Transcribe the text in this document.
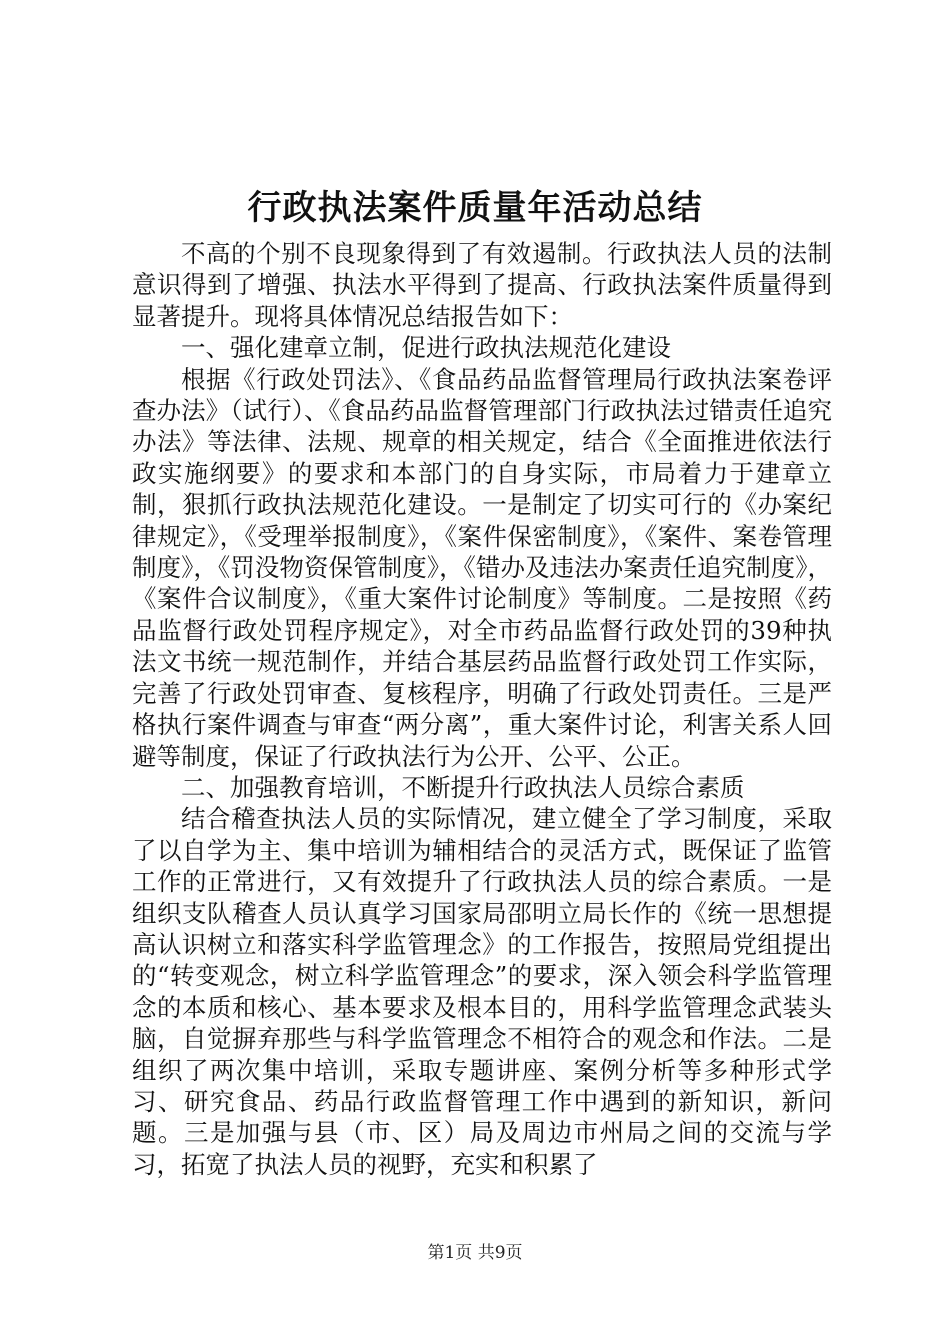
行政执法案件质量年活动总结

不高的个别不良现象得到了有效遏制。行政执法人员的法制意识得到了增强、执法水平得到了提高、行政执法案件质量得到显著提升。现将具体情况总结报告如下：

一、强化建章立制，促进行政执法规范化建设

根据《行政处罚法》、《食品药品监督管理局行政执法案卷评查办法》（试行）、《食品药品监督管理部门行政执法过错责任追究办法》等法律、法规、规章的相关规定，结合《全面推进依法行政实施纲要》的要求和本部门的自身实际，市局着力于建章立制，狠抓行政执法规范化建设。一是制定了切实可行的《办案纪律规定》，《受理举报制度》，《案件保密制度》，《案件、案卷管理制度》，《罚没物资保管制度》，《错办及违法办案责任追究制度》，《案件合议制度》，《重大案件讨论制度》等制度。二是按照《药品监督行政处罚程序规定》，对全市药品监督行政处罚的39种执法文书统一规范制作，并结合基层药品监督行政处罚工作实际，完善了行政处罚审查、复核程序，明确了行政处罚责任。三是严格执行案件调查与审查“两分离”，重大案件讨论，利害关系人回避等制度，保证了行政执法行为公开、公平、公正。

二、加强教育培训，不断提升行政执法人员综合素质

结合稽查执法人员的实际情况，建立健全了学习制度，采取了以自学为主、集中培训为辅相结合的灵活方式，既保证了监管工作的正常进行，又有效提升了行政执法人员的综合素质。一是组织支队稽查人员认真学习国家局邵明立局长作的《统一思想提高认识树立和落实科学监管理念》的工作报告，按照局党组提出的“转变观念，树立科学监管理念”的要求，深入领会科学监管理念的本质和核心、基本要求及根本目的，用科学监管理念武装头脑，自觉摒弃那些与科学监管理念不相符合的观念和作法。二是组织了两次集中培训，采取专题讲座、案例分析等多种形式学习、研究食品、药品行政监督管理工作中遇到的新知识，新问题。三是加强与县（市、区）局及周边市州局之间的交流与学习，拓宽了执法人员的视野，充实和积累了

第1页 共9页
